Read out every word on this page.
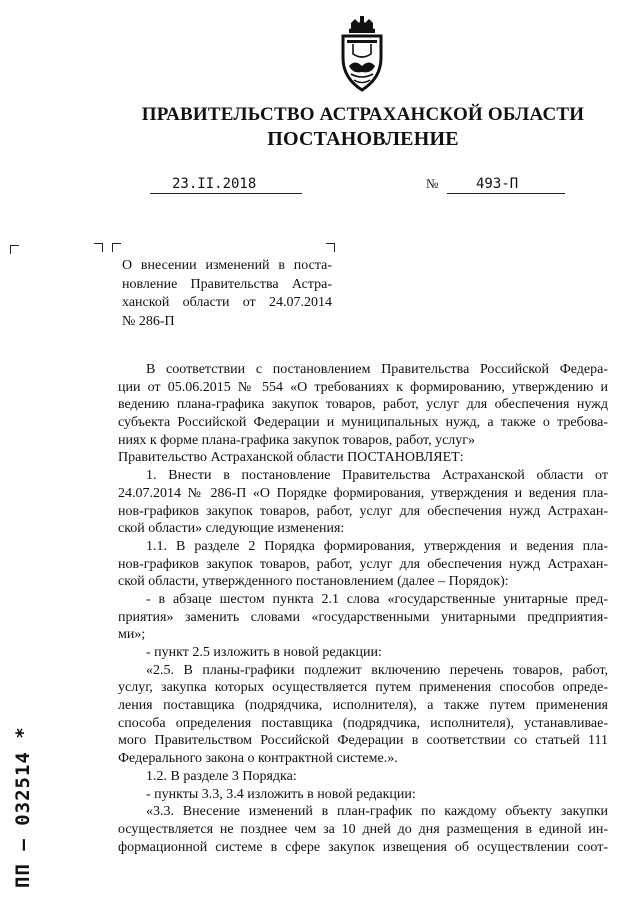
ПРАВИТЕЛЬСТВО АСТРАХАНСКОЙ ОБЛАСТИ
ПОСТАНОВЛЕНИЕ
23.II.2018	№	493-П
О внесении изменений в поста-
новление Правительства Астра-
ханской области от 24.07.2014
№ 286-П
В соответствии с постановлением Правительства Российской Федера-
ции от 05.06.2015 № 554 «О требованиях к формированию, утверждению и
ведению плана-графика закупок товаров, работ, услуг для обеспечения нужд
субъекта Российской Федерации и муниципальных нужд, а также о требова-
ниях к форме плана-графика закупок товаров, работ, услуг»
Правительство Астраханской области ПОСТАНОВЛЯЕТ:
1. Внести в постановление Правительства Астраханской области от
24.07.2014 № 286-П «О Порядке формирования, утверждения и ведения пла-
нов-графиков закупок товаров, работ, услуг для обеспечения нужд Астрахан-
ской области» следующие изменения:
1.1. В разделе 2 Порядка формирования, утверждения и ведения пла-
нов-графиков закупок товаров, работ, услуг для обеспечения нужд Астрахан-
ской области, утвержденного постановлением (далее – Порядок):
- в абзаце шестом пункта 2.1 слова «государственные унитарные пред-
приятия» заменить словами «государственными унитарными предприятия-
ми»;
- пункт 2.5 изложить в новой редакции:
«2.5. В планы-графики подлежит включению перечень товаров, работ,
услуг, закупка которых осуществляется путем применения способов опреде-
ления поставщика (подрядчика, исполнителя), а также путем применения
способа определения поставщика (подрядчика, исполнителя), устанавливае-
мого Правительством Российской Федерации в соответствии со статьей 111
Федерального закона о контрактной системе.».
1.2. В разделе 3 Порядка:
- пункты 3.3, 3.4 изложить в новой редакции:
«3.3. Внесение изменений в план-график по каждому объекту закупки
осуществляется не позднее чем за 10 дней до дня размещения в единой ин-
формационной системе в сфере закупок извещения об осуществлении соот-
ПП – 032514 *
